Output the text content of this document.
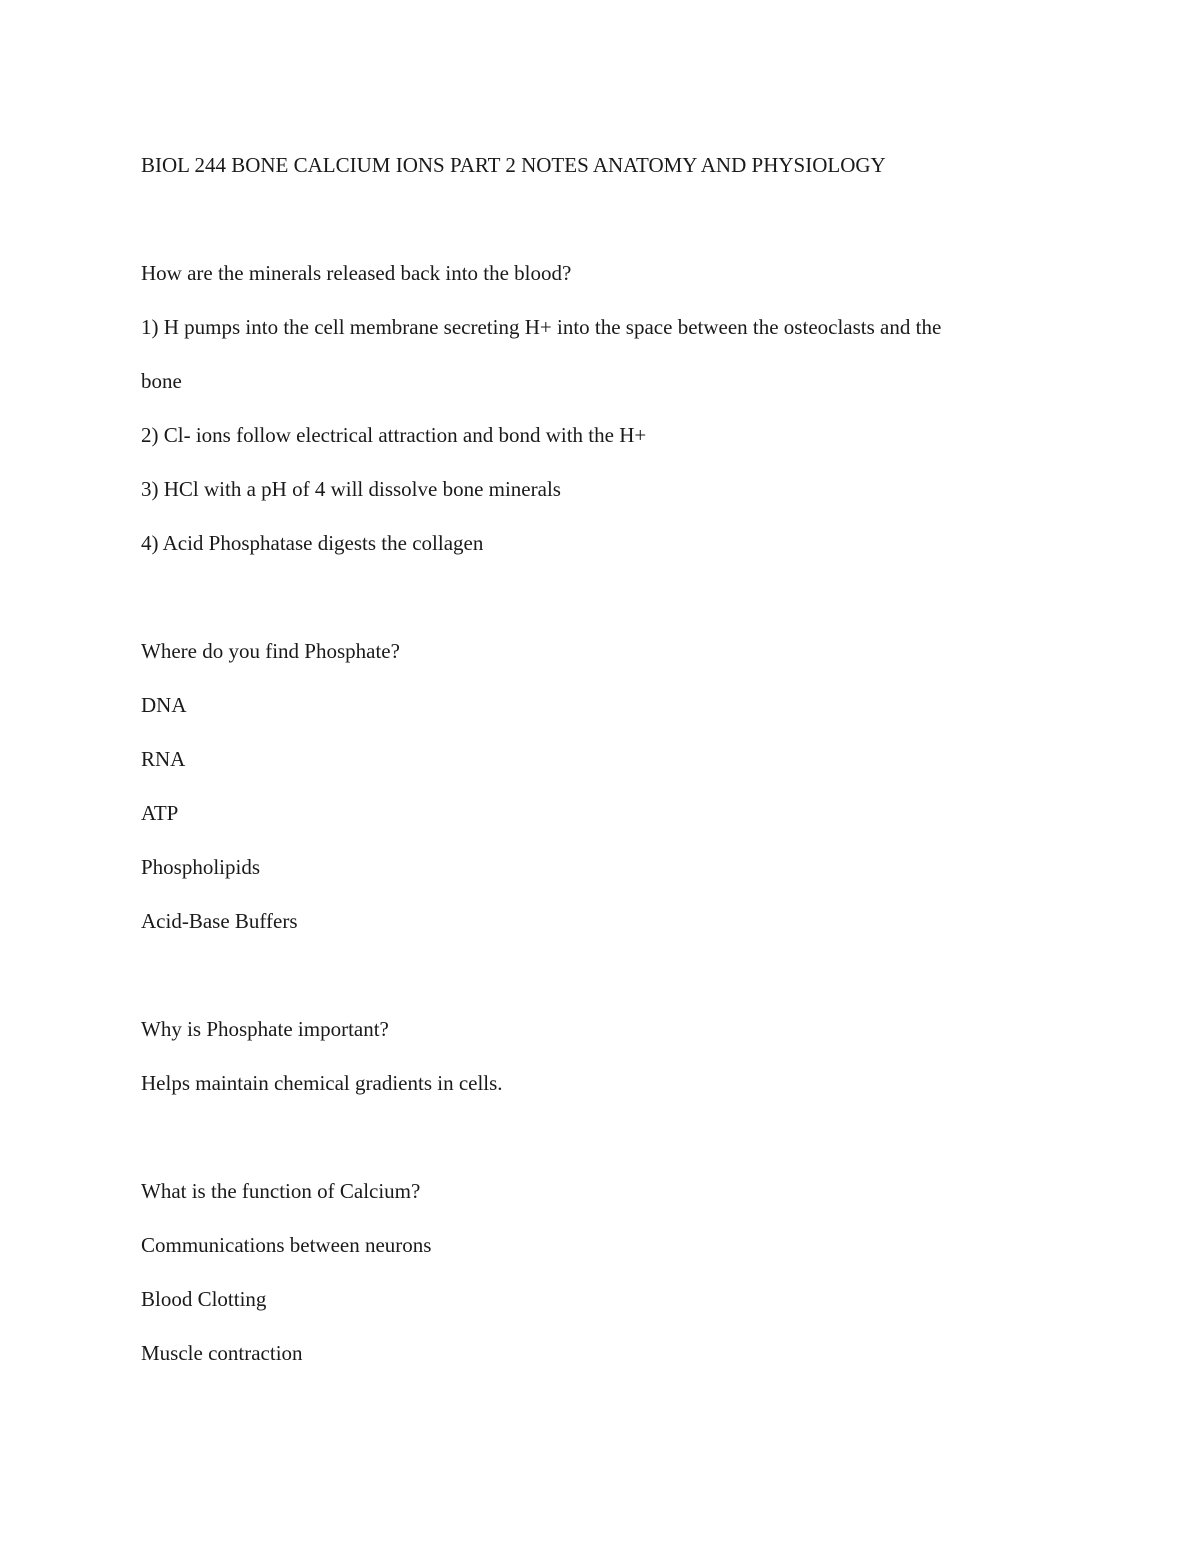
BIOL 244 BONE CALCIUM IONS PART 2 NOTES ANATOMY AND PHYSIOLOGY
How are the minerals released back into the blood?
1) H pumps into the cell membrane secreting H+ into the space between the osteoclasts and the
bone
2) Cl- ions follow electrical attraction and bond with the H+
3) HCl with a pH of 4 will dissolve bone minerals
4) Acid Phosphatase digests the collagen
Where do you find Phosphate?
DNA
RNA
ATP
Phospholipids
Acid-Base Buffers
Why is Phosphate important?
Helps maintain chemical gradients in cells.
What is the function of Calcium?
Communications between neurons
Blood Clotting
Muscle contraction
